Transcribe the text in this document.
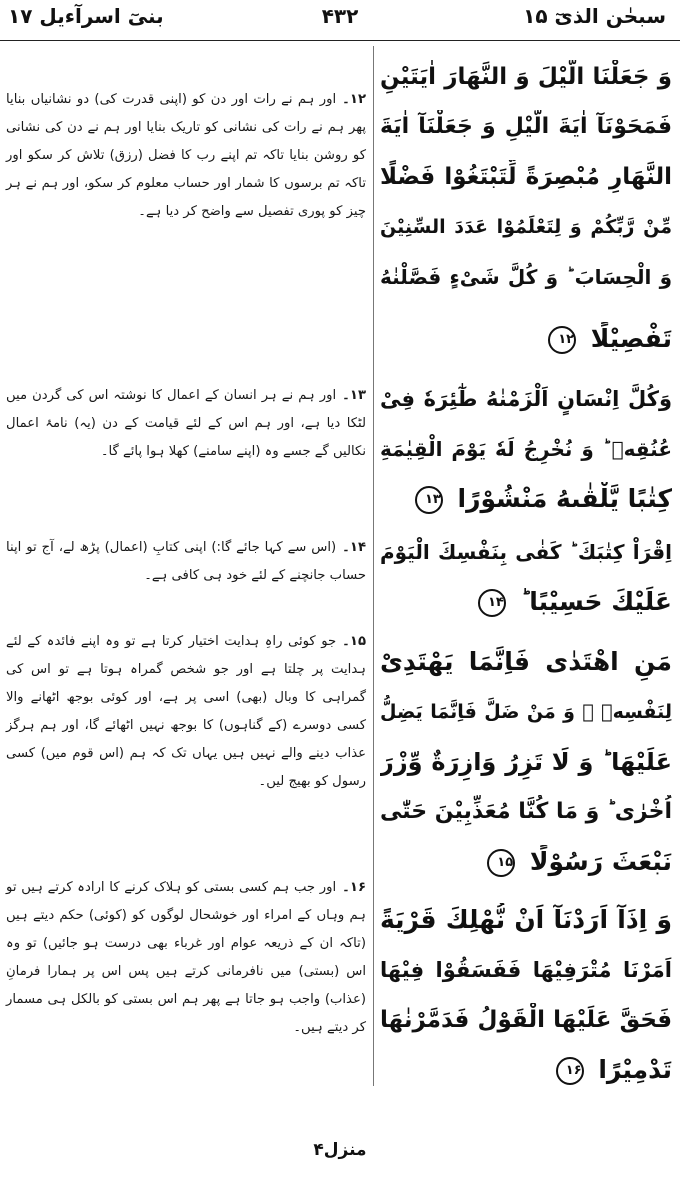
بنیٓ اسرآءیل ۱۷	۴۳۲	سبحٰن الذیٓ ۱۵
وَ جَعَلْنَا الَّيْلَ وَ النَّهَارَ اٰيَتَيْنِ
فَمَحَوْنَآ اٰيَةَ الَّيْلِ وَ جَعَلْنَآ اٰيَةَ
النَّهَارِ مُبْصِرَةً لِّتَبْتَغُوْا فَضْلًا
مِّنْ رَّبِّكُمْ وَ لِتَعْلَمُوْا عَدَدَ السِّنِيْنَ
وَ الْحِسَابَ ؕ وَ كُلَّ شَیْءٍ فَصَّلْنٰهُ
تَفْصِيْلًا ۱۲
وَكُلَّ اِنْسَانٍ اَلْزَمْنٰهُ طٰٓئِرَهٗ فِیْ
عُنُقِهٖ ؕ وَ نُخْرِجُ لَهٗ يَوْمَ الْقِيٰمَةِ
كِتٰبًا يَّلْقٰىهُ مَنْشُوْرًا ۱۳
اِقْرَاْ كِتٰبَكَ ؕ كَفٰى بِنَفْسِكَ الْيَوْمَ
عَلَيْكَ حَسِيْبًا ؕ ۱۴
مَنِ اهْتَدٰى فَاِنَّمَا يَهْتَدِیْ
لِنَفْسِهٖ ۚ وَ مَنْ ضَلَّ فَاِنَّمَا يَضِلُّ
عَلَيْهَا ؕ وَ لَا تَزِرُ وَازِرَةٌ وِّزْرَ
اُخْرٰى ؕ وَ مَا كُنَّا مُعَذِّبِيْنَ حَتّٰى
نَبْعَثَ رَسُوْلًا ۱۵
وَ اِذَآ اَرَدْنَآ اَنْ نُّهْلِكَ قَرْيَةً
اَمَرْنَا مُتْرَفِيْهَا فَفَسَقُوْا فِيْهَا
فَحَقَّ عَلَيْهَا الْقَوْلُ فَدَمَّرْنٰهَا
تَدْمِيْرًا ۱۶
۱۲۔اور ہم نے رات اور دن کو (اپنی قدرت کی) دو نشانیاں بنایا پھر ہم نے رات کی نشانی کو تاریک بنایا اور ہم نے دن کی نشانی کو روشن بنایا تاکہ تم اپنے رب کا فضل (رزق) تلاش کر سکو اور تاکہ تم برسوں کا شمار اور حساب معلوم کر سکو، اور ہم نے ہر چیز کو پوری تفصیل سے واضح کر دیا ہے۔
۱۳۔اور ہم نے ہر انسان کے اعمال کا نوشتہ اس کی گردن میں لٹکا دیا ہے، اور ہم اس کے لئے قیامت کے دن (یہ) نامۂ اعمال نکالیں گے جسے وہ (اپنے سامنے) کھلا ہوا پائے گا۔
۱۴۔(اس سے کہا جائے گا:) اپنی کتابِ (اعمال) پڑھ لے، آج تو اپنا حساب جانچنے کے لئے خود ہی کافی ہے۔
۱۵۔جو کوئی راہِ ہدایت اختیار کرتا ہے تو وہ اپنے فائدہ کے لئے ہدایت پر چلتا ہے اور جو شخص گمراہ ہوتا ہے تو اس کی گمراہی کا وبال (بھی) اسی پر ہے، اور کوئی بوجھ اٹھانے والا کسی دوسرے (کے گناہوں) کا بوجھ نہیں اٹھائے گا، اور ہم ہرگز عذاب دینے والے نہیں ہیں یہاں تک کہ ہم (اس قوم میں) کسی رسول کو بھیج لیں۔
۱۶۔اور جب ہم کسی بستی کو ہلاک کرنے کا ارادہ کرتے ہیں تو ہم وہاں کے امراء اور خوشحال لوگوں کو (کوئی) حکم دیتے ہیں (تاکہ ان کے ذریعہ عوام اور غرباء بھی درست ہو جائیں) تو وہ اس (بستی) میں نافرمانی کرتے ہیں پس اس پر ہمارا فرمانِ (عذاب) واجب ہو جاتا ہے پھر ہم اس بستی کو بالکل ہی مسمار کر دیتے ہیں۔
منزل۴
